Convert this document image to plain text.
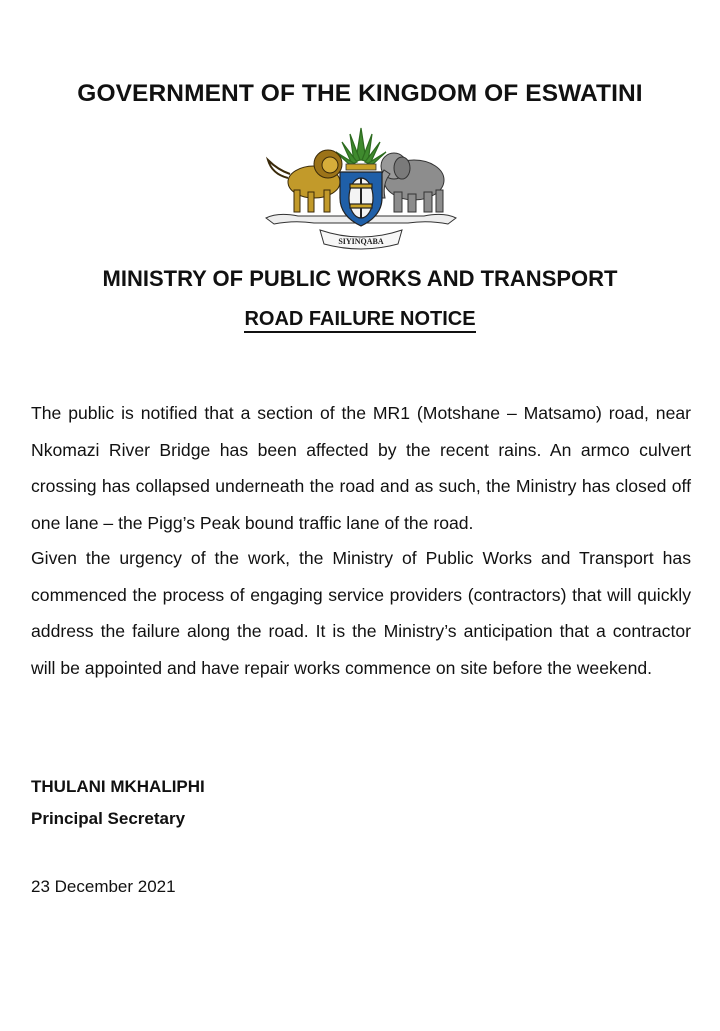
GOVERNMENT OF THE KINGDOM OF ESWATINI
SIYINQABA
MINISTRY OF PUBLIC WORKS AND TRANSPORT
ROAD FAILURE NOTICE

The public is notified that a section of the MR1 (Motshane – Matsamo) road, near Nkomazi River Bridge has been affected by the recent rains. An armco culvert crossing has collapsed underneath the road and as such, the Ministry has closed off one lane – the Pigg’s Peak bound traffic lane of the road.

Given the urgency of the work, the Ministry of Public Works and Transport has commenced the process of engaging service providers (contractors) that will quickly address the failure along the road. It is the Ministry’s anticipation that a contractor will be appointed and have repair works commence on site before the weekend.

THULANI MKHALIPHI

Principal Secretary

23 December 2021
